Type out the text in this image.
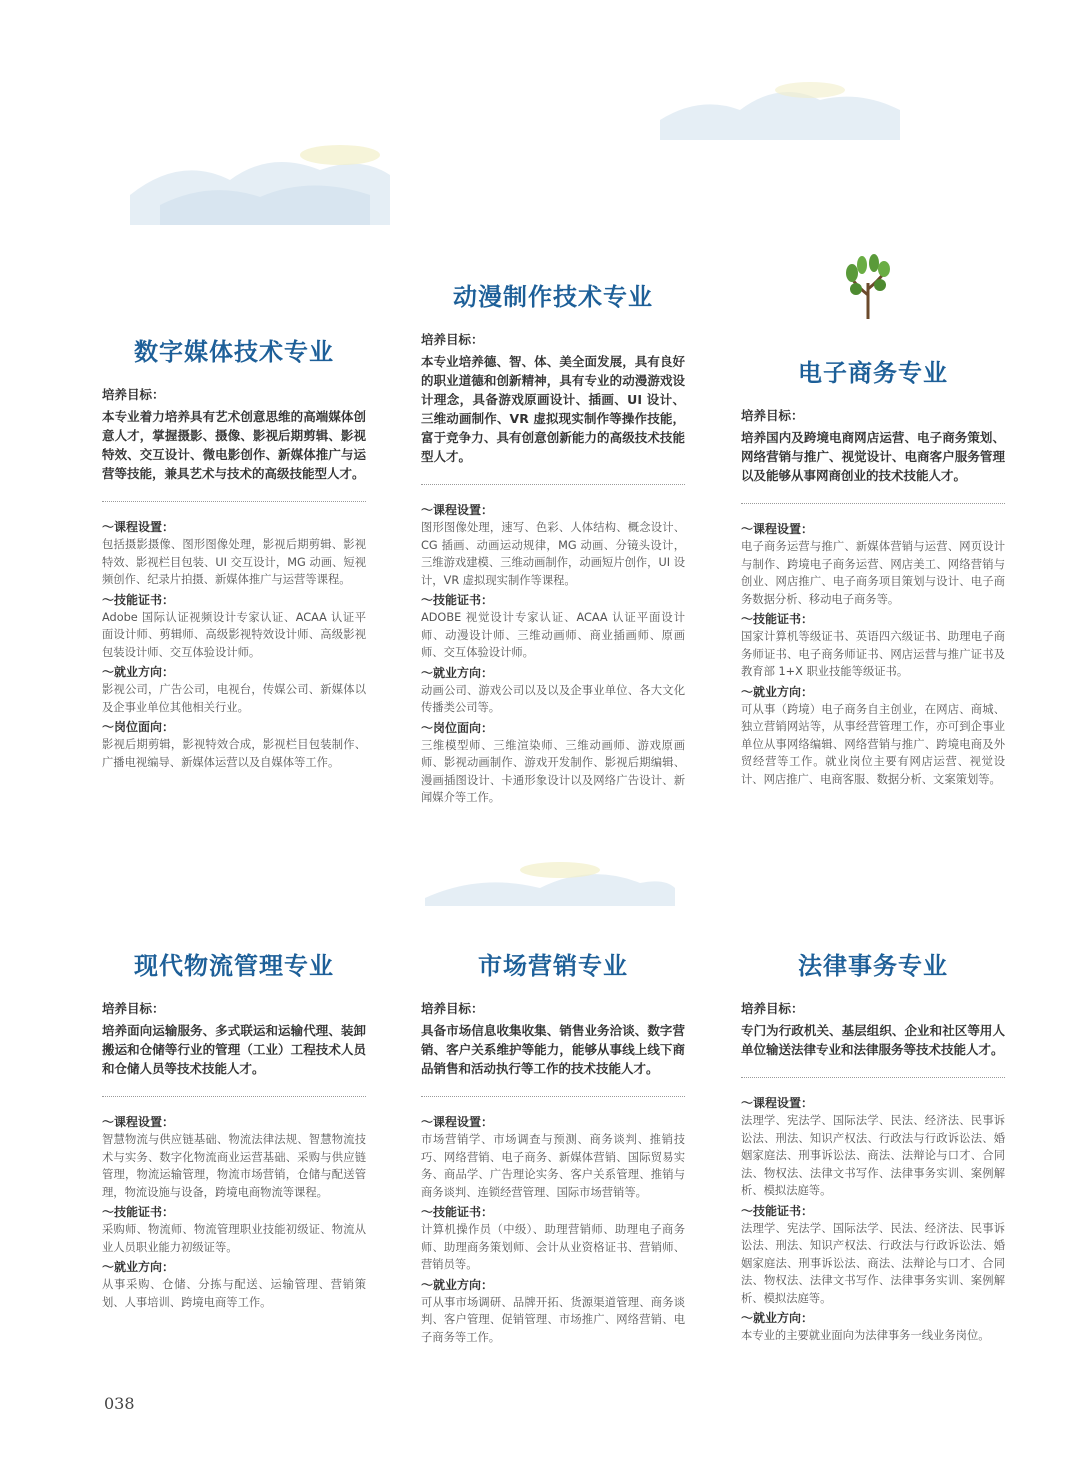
数字媒体技术专业
培养目标：
本专业着力培养具有艺术创意思维的高端媒体创意人才，掌握摄影、摄像、影视后期剪辑、影视特效、交互设计、微电影创作、新媒体推广与运营等技能，兼具艺术与技术的高级技能型人才。
～课程设置：
包括摄影摄像、图形图像处理，影视后期剪辑、影视特效、影视栏目包装、UI 交互设计，MG 动画、短视频创作、纪录片拍摄、新媒体推广与运营等课程。
～技能证书：
Adobe 国际认证视频设计专家认证、ACAA 认证平面设计师、剪辑师、高级影视特效设计师、高级影视包装设计师、交互体验设计师。
～就业方向：
影视公司，广告公司，电视台，传媒公司、新媒体以及企事业单位其他相关行业。
～岗位面向：
影视后期剪辑，影视特效合成，影视栏目包装制作、广播电视编导、新媒体运营以及自媒体等工作。
动漫制作技术专业
培养目标：
本专业培养德、智、体、美全面发展，具有良好的职业道德和创新精神，具有专业的动漫游戏设计理念，具备游戏原画设计、插画、UI 设计、三维动画制作、VR 虚拟现实制作等操作技能，富于竞争力、具有创意创新能力的高级技术技能型人才。
～课程设置：
图形图像处理，速写、色彩、人体结构、概念设计、CG 插画、动画运动规律，MG 动画、分镜头设计，三维游戏建模、三维动画制作，动画短片创作，UI 设计，VR 虚拟现实制作等课程。
～技能证书：
ADOBE 视觉设计专家认证、ACAA 认证平面设计师、动漫设计师、三维动画师、商业插画师、原画师、交互体验设计师。
～就业方向：
动画公司、游戏公司以及以及企事业单位、各大文化传播类公司等。
～岗位面向：
三维模型师、三维渲染师、三维动画师、游戏原画师、影视动画制作、游戏开发制作、影视后期编辑、漫画插图设计、卡通形象设计以及网络广告设计、新闻媒介等工作。
电子商务专业
培养目标：
培养国内及跨境电商网店运营、电子商务策划、网络营销与推广、视觉设计、电商客户服务管理以及能够从事网商创业的技术技能人才。
～课程设置：
电子商务运营与推广、新媒体营销与运营、网页设计与制作、跨境电子商务运营、网店美工、网络营销与创业、网店推广、电子商务项目策划与设计、电子商务数据分析、移动电子商务等。
～技能证书：
国家计算机等级证书、英语四六级证书、助理电子商务师证书、电子商务师证书、网店运营与推广证书及教育部 1+X 职业技能等级证书。
～就业方向：
可从事（跨境）电子商务自主创业，在网店、商城、独立营销网站等，从事经营管理工作，亦可到企事业单位从事网络编辑、网络营销与推广、跨境电商及外贸经营等工作。就业岗位主要有网店运营、视觉设计、网店推广、电商客服、数据分析、文案策划等。
现代物流管理专业
培养目标：
培养面向运输服务、多式联运和运输代理、装卸搬运和仓储等行业的管理（工业）工程技术人员和仓储人员等技术技能人才。
～课程设置：
智慧物流与供应链基础、物流法律法规、智慧物流技术与实务、数字化物流商业运营基础、采购与供应链管理，物流运输管理，物流市场营销，仓储与配送管理，物流设施与设备，跨境电商物流等课程。
～技能证书：
采购师、物流师、物流管理职业技能初级证、物流从业人员职业能力初级证等。
～就业方向：
从事采购、仓储、分拣与配送、运输管理、营销策划、人事培训、跨境电商等工作。
市场营销专业
培养目标：
具备市场信息收集收集、销售业务洽谈、数字营销、客户关系维护等能力，能够从事线上线下商品销售和活动执行等工作的技术技能人才。
～课程设置：
市场营销学、市场调查与预测、商务谈判、推销技巧、网络营销、电子商务、新媒体营销、国际贸易实务、商品学、广告理论实务、客户关系管理、推销与商务谈判、连锁经营管理、国际市场营销等。
～技能证书：
计算机操作员（中级）、助理营销师、助理电子商务师、助理商务策划师、会计从业资格证书、营销师、营销员等。
～就业方向：
可从事市场调研、品牌开拓、货源渠道管理、商务谈判、客户管理、促销管理、市场推广、网络营销、电子商务等工作。
法律事务专业
培养目标：
专门为行政机关、基层组织、企业和社区等用人单位输送法律专业和法律服务等技术技能人才。
～课程设置：
法理学、宪法学、国际法学、民法、经济法、民事诉讼法、刑法、知识产权法、行政法与行政诉讼法、婚姻家庭法、刑事诉讼法、商法、法辩论与口才、合同法、物权法、法律文书写作、法律事务实训、案例解析、模拟法庭等。
～技能证书：
法理学、宪法学、国际法学、民法、经济法、民事诉讼法、刑法、知识产权法、行政法与行政诉讼法、婚姻家庭法、刑事诉讼法、商法、法辩论与口才、合同法、物权法、法律文书写作、法律事务实训、案例解析、模拟法庭等。
～就业方向：
本专业的主要就业面向为法律事务一线业务岗位。
038
